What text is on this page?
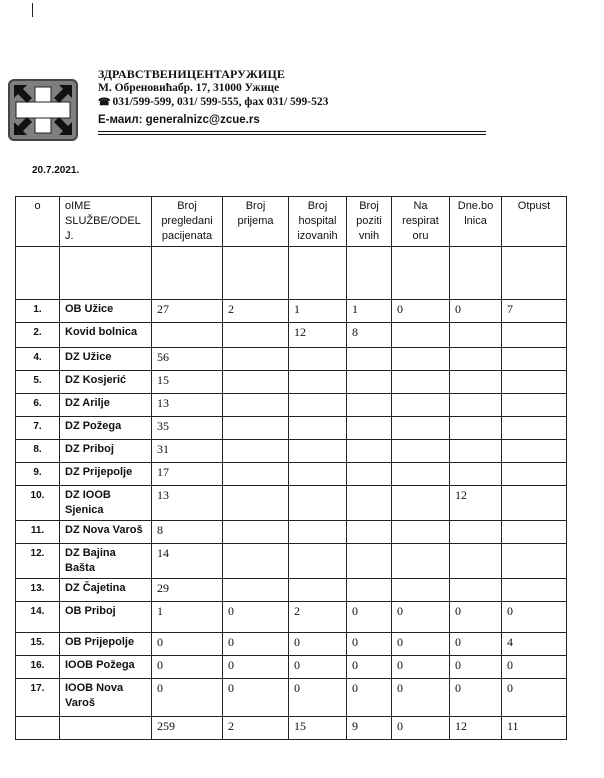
ЗДРАВСТВЕНИЦЕНТАРУЖИЦЕ
М. Обреновићабр. 17, 31000 Ужице
☎ 031/599-599, 031/ 599-555, фах 031/ 599-523
E-маил: generalnizc@zcue.rs
20.7.2021.
o	oIME SLUŽBE/ODEL J.	Broj pregledani pacijenata	Broj prijema	Broj hospital izovanih	Broj poziti vnih	Na respirat oru	Dne.bo lnica	Otpust

1.	OB Užice	27	2	1	1	0	0	7
2.	Kovid bolnica			12	8			
4.	DZ Užice	56						
5.	DZ Kosjerić	15						
6.	DZ Arilje	13						
7.	DZ Požega	35						
8.	DZ Priboj	31						
9.	DZ Prijepolje	17						
10.	DZ IOOB Sjenica	13					12	
11.	DZ Nova Varoš	8						
12.	DZ Bajina Bašta	14						
13.	DZ Čajetina	29						
14.	OB Priboj	1	0	2	0	0	0	0
15.	OB Prijepolje	0	0	0	0	0	0	4
16.	IOOB Požega	0	0	0	0	0	0	0
17.	IOOB Nova Varoš	0	0	0	0	0	0	0
		259	2	15	9	0	12	11
